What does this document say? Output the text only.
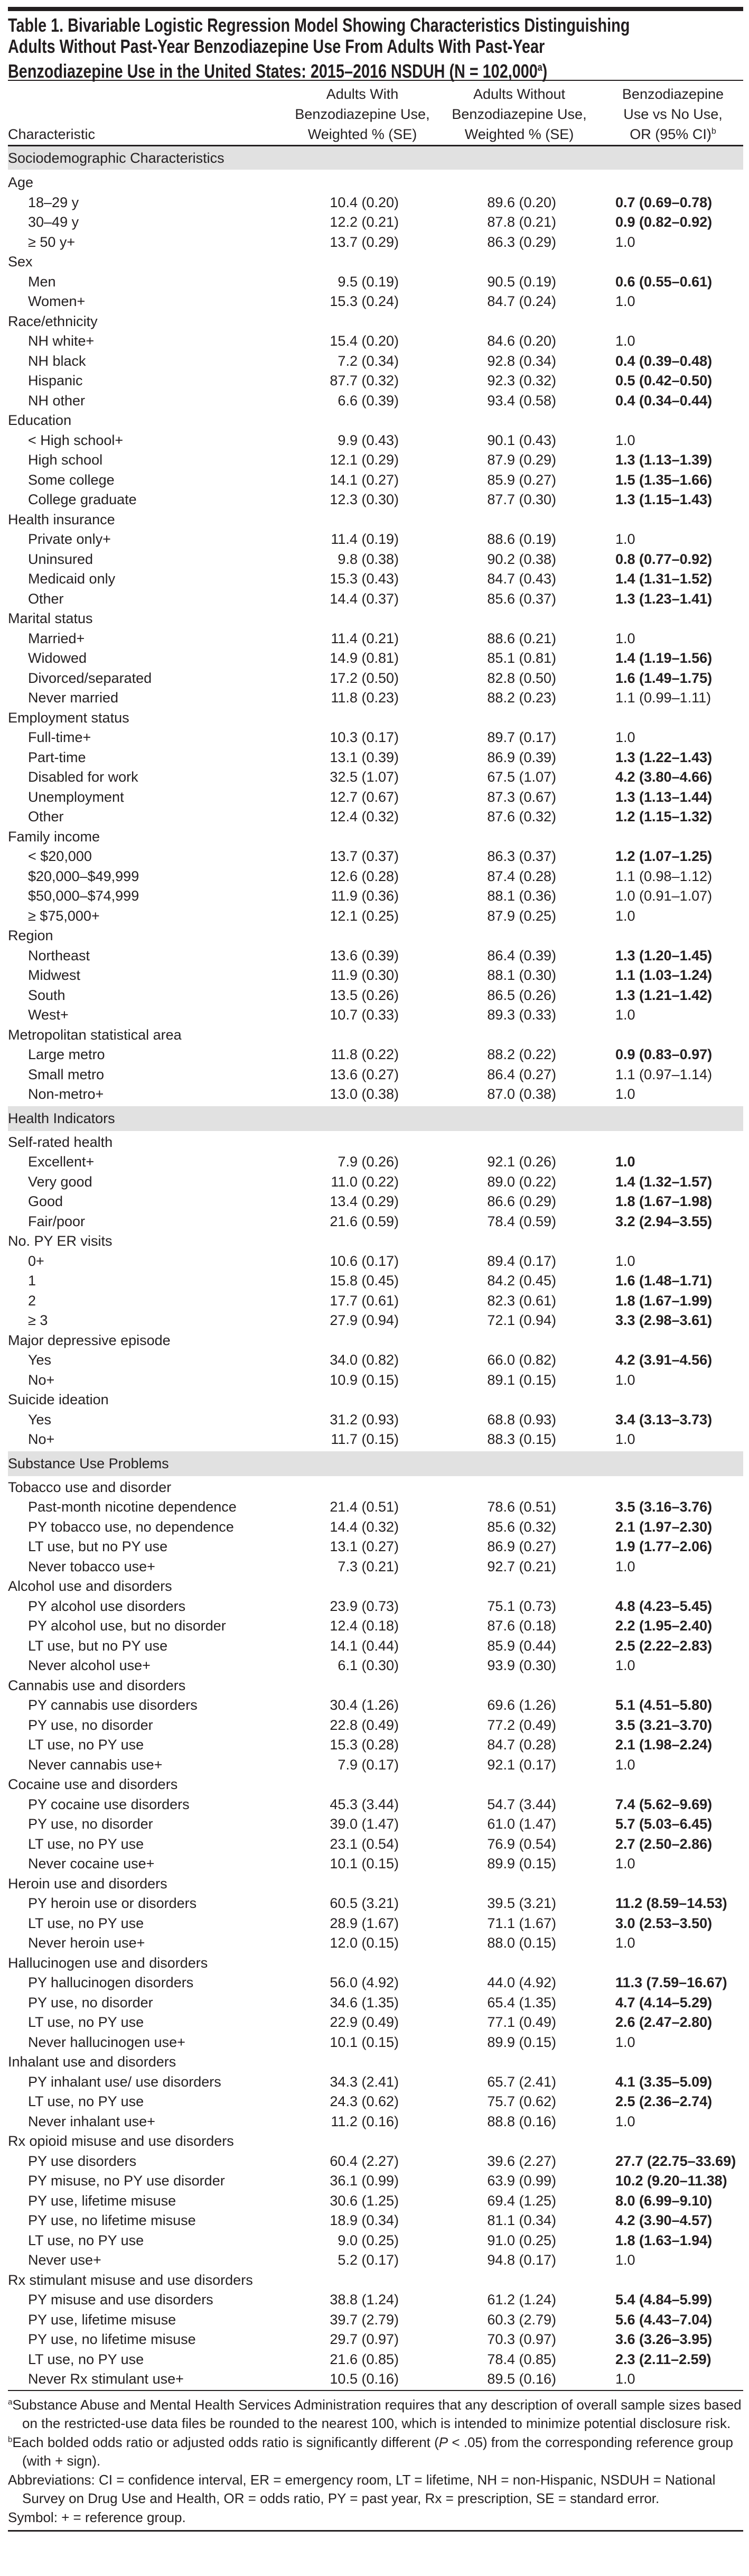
Table 1. Bivariable Logistic Regression Model Showing Characteristics Distinguishing
Adults Without Past-Year Benzodiazepine Use From Adults With Past-Year
Benzodiazepine Use in the United States: 2015–2016 NSDUH (N = 102,000$^a$)
Characteristic
Adults With
Benzodiazepine Use,
Weighted % (SE)
Adults Without
Benzodiazepine Use,
Weighted % (SE)
Benzodiazepine
Use vs No Use,
OR (95% CI)$^b$
Sociodemographic Characteristics
Age
18–29 y	10.4 (0.20)	89.6 (0.20)	0.7 (0.69–0.78)
30–49 y	12.2 (0.21)	87.8 (0.21)	0.9 (0.82–0.92)
≥ 50 y+	13.7 (0.29)	86.3 (0.29)	1.0
Sex
Men	9.5 (0.19)	90.5 (0.19)	0.6 (0.55–0.61)
Women+	15.3 (0.24)	84.7 (0.24)	1.0
Race/ethnicity
NH white+	15.4 (0.20)	84.6 (0.20)	1.0
NH black	7.2 (0.34)	92.8 (0.34)	0.4 (0.39–0.48)
Hispanic	87.7 (0.32)	92.3 (0.32)	0.5 (0.42–0.50)
NH other	6.6 (0.39)	93.4 (0.58)	0.4 (0.34–0.44)
Education
< High school+	9.9 (0.43)	90.1 (0.43)	1.0
High school	12.1 (0.29)	87.9 (0.29)	1.3 (1.13–1.39)
Some college	14.1 (0.27)	85.9 (0.27)	1.5 (1.35–1.66)
College graduate	12.3 (0.30)	87.7 (0.30)	1.3 (1.15–1.43)
Health insurance
Private only+	11.4 (0.19)	88.6 (0.19)	1.0
Uninsured	9.8 (0.38)	90.2 (0.38)	0.8 (0.77–0.92)
Medicaid only	15.3 (0.43)	84.7 (0.43)	1.4 (1.31–1.52)
Other	14.4 (0.37)	85.6 (0.37)	1.3 (1.23–1.41)
Marital status
Married+	11.4 (0.21)	88.6 (0.21)	1.0
Widowed	14.9 (0.81)	85.1 (0.81)	1.4 (1.19–1.56)
Divorced/separated	17.2 (0.50)	82.8 (0.50)	1.6 (1.49–1.75)
Never married	11.8 (0.23)	88.2 (0.23)	1.1 (0.99–1.11)
Employment status
Full-time+	10.3 (0.17)	89.7 (0.17)	1.0
Part-time	13.1 (0.39)	86.9 (0.39)	1.3 (1.22–1.43)
Disabled for work	32.5 (1.07)	67.5 (1.07)	4.2 (3.80–4.66)
Unemployment	12.7 (0.67)	87.3 (0.67)	1.3 (1.13–1.44)
Other	12.4 (0.32)	87.6 (0.32)	1.2 (1.15–1.32)
Family income
< $20,000	13.7 (0.37)	86.3 (0.37)	1.2 (1.07–1.25)
$20,000–$49,999	12.6 (0.28)	87.4 (0.28)	1.1 (0.98–1.12)
$50,000–$74,999	11.9 (0.36)	88.1 (0.36)	1.0 (0.91–1.07)
≥ $75,000+	12.1 (0.25)	87.9 (0.25)	1.0
Region
Northeast	13.6 (0.39)	86.4 (0.39)	1.3 (1.20–1.45)
Midwest	11.9 (0.30)	88.1 (0.30)	1.1 (1.03–1.24)
South	13.5 (0.26)	86.5 (0.26)	1.3 (1.21–1.42)
West+	10.7 (0.33)	89.3 (0.33)	1.0
Metropolitan statistical area
Large metro	11.8 (0.22)	88.2 (0.22)	0.9 (0.83–0.97)
Small metro	13.6 (0.27)	86.4 (0.27)	1.1 (0.97–1.14)
Non-metro+	13.0 (0.38)	87.0 (0.38)	1.0
Health Indicators
Self-rated health
Excellent+	7.9 (0.26)	92.1 (0.26)	1.0
Very good	11.0 (0.22)	89.0 (0.22)	1.4 (1.32–1.57)
Good	13.4 (0.29)	86.6 (0.29)	1.8 (1.67–1.98)
Fair/poor	21.6 (0.59)	78.4 (0.59)	3.2 (2.94–3.55)
No. PY ER visits
0+	10.6 (0.17)	89.4 (0.17)	1.0
1	15.8 (0.45)	84.2 (0.45)	1.6 (1.48–1.71)
2	17.7 (0.61)	82.3 (0.61)	1.8 (1.67–1.99)
≥ 3	27.9 (0.94)	72.1 (0.94)	3.3 (2.98–3.61)
Major depressive episode
Yes	34.0 (0.82)	66.0 (0.82)	4.2 (3.91–4.56)
No+	10.9 (0.15)	89.1 (0.15)	1.0
Suicide ideation
Yes	31.2 (0.93)	68.8 (0.93)	3.4 (3.13–3.73)
No+	11.7 (0.15)	88.3 (0.15)	1.0
Substance Use Problems
Tobacco use and disorder
Past-month nicotine dependence	21.4 (0.51)	78.6 (0.51)	3.5 (3.16–3.76)
PY tobacco use, no dependence	14.4 (0.32)	85.6 (0.32)	2.1 (1.97–2.30)
LT use, but no PY use	13.1 (0.27)	86.9 (0.27)	1.9 (1.77–2.06)
Never tobacco use+	7.3 (0.21)	92.7 (0.21)	1.0
Alcohol use and disorders
PY alcohol use disorders	23.9 (0.73)	75.1 (0.73)	4.8 (4.23–5.45)
PY alcohol use, but no disorder	12.4 (0.18)	87.6 (0.18)	2.2 (1.95–2.40)
LT use, but no PY use	14.1 (0.44)	85.9 (0.44)	2.5 (2.22–2.83)
Never alcohol use+	6.1 (0.30)	93.9 (0.30)	1.0
Cannabis use and disorders
PY cannabis use disorders	30.4 (1.26)	69.6 (1.26)	5.1 (4.51–5.80)
PY use, no disorder	22.8 (0.49)	77.2 (0.49)	3.5 (3.21–3.70)
LT use, no PY use	15.3 (0.28)	84.7 (0.28)	2.1 (1.98–2.24)
Never cannabis use+	7.9 (0.17)	92.1 (0.17)	1.0
Cocaine use and disorders
PY cocaine use disorders	45.3 (3.44)	54.7 (3.44)	7.4 (5.62–9.69)
PY use, no disorder	39.0 (1.47)	61.0 (1.47)	5.7 (5.03–6.45)
LT use, no PY use	23.1 (0.54)	76.9 (0.54)	2.7 (2.50–2.86)
Never cocaine use+	10.1 (0.15)	89.9 (0.15)	1.0
Heroin use and disorders
PY heroin use or disorders	60.5 (3.21)	39.5 (3.21)	11.2 (8.59–14.53)
LT use, no PY use	28.9 (1.67)	71.1 (1.67)	3.0 (2.53–3.50)
Never heroin use+	12.0 (0.15)	88.0 (0.15)	1.0
Hallucinogen use and disorders
PY hallucinogen disorders	56.0 (4.92)	44.0 (4.92)	11.3 (7.59–16.67)
PY use, no disorder	34.6 (1.35)	65.4 (1.35)	4.7 (4.14–5.29)
LT use, no PY use	22.9 (0.49)	77.1 (0.49)	2.6 (2.47–2.80)
Never hallucinogen use+	10.1 (0.15)	89.9 (0.15)	1.0
Inhalant use and disorders
PY inhalant use/ use disorders	34.3 (2.41)	65.7 (2.41)	4.1 (3.35–5.09)
LT use, no PY use	24.3 (0.62)	75.7 (0.62)	2.5 (2.36–2.74)
Never inhalant use+	11.2 (0.16)	88.8 (0.16)	1.0
Rx opioid misuse and use disorders
PY use disorders	60.4 (2.27)	39.6 (2.27)	27.7 (22.75–33.69)
PY misuse, no PY use disorder	36.1 (0.99)	63.9 (0.99)	10.2 (9.20–11.38)
PY use, lifetime misuse	30.6 (1.25)	69.4 (1.25)	8.0 (6.99–9.10)
PY use, no lifetime misuse	18.9 (0.34)	81.1 (0.34)	4.2 (3.90–4.57)
LT use, no PY use	9.0 (0.25)	91.0 (0.25)	1.8 (1.63–1.94)
Never use+	5.2 (0.17)	94.8 (0.17)	1.0
Rx stimulant misuse and use disorders
PY misuse and use disorders	38.8 (1.24)	61.2 (1.24)	5.4 (4.84–5.99)
PY use, lifetime misuse	39.7 (2.79)	60.3 (2.79)	5.6 (4.43–7.04)
PY use, no lifetime misuse	29.7 (0.97)	70.3 (0.97)	3.6 (3.26–3.95)
LT use, no PY use	21.6 (0.85)	78.4 (0.85)	2.3 (2.11–2.59)
Never Rx stimulant use+	10.5 (0.16)	89.5 (0.16)	1.0
$^a$Substance Abuse and Mental Health Services Administration requires that any description of overall sample sizes based on the restricted-use data files be rounded to the nearest 100, which is intended to minimize potential disclosure risk.
$^b$Each bolded odds ratio or adjusted odds ratio is significantly different (P < .05) from the corresponding reference group (with + sign).
Abbreviations: CI = confidence interval, ER = emergency room, LT = lifetime, NH = non-Hispanic, NSDUH = National Survey on Drug Use and Health, OR = odds ratio, PY = past year, Rx = prescription, SE = standard error.
Symbol: + = reference group.
